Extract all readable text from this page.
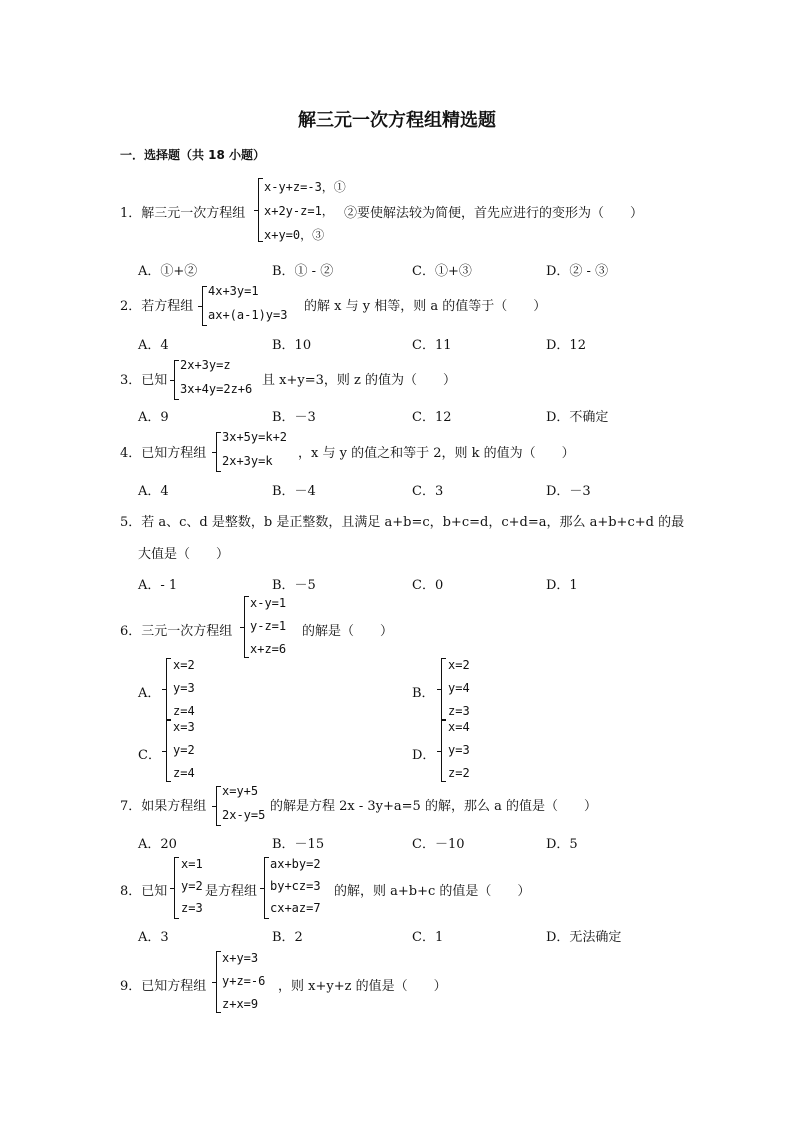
解三元一次方程组精选题
一．选择题（共 18 小题）
1．解三元一次方程组
x-y+z=-3，①
x+2y-z=1， ②要使解法较为简便，首先应进行的变形为（　　）
x+y=0，③
A．①+②	B．① - ②	C．①+③	D．② - ③
2．若方程组
4x+3y=1
ax+(a-1)y=3
的解 x 与 y 相等，则 a 的值等于（　　）
A．4	B．10	C．11	D．12
3．已知
2x+3y=z
3x+4y=2z+6
且 x+y=3，则 z 的值为（　　）
A．9	B．－3	C．12	D．不确定
4．已知方程组
3x+5y=k+2
2x+3y=k ，x 与 y 的值之和等于 2，则 k 的值为（　　）
A．4	B．－4	C．3	D．－3
5．若 a、c、d 是整数，b 是正整数，且满足 a+b=c，b+c=d，c+d=a，那么 a+b+c+d 的最
大值是（　　）
A．- 1	B．－5	C．0	D．1
6．三元一次方程组
x-y=1
y-z=1 的解是（　　）
x+z=6
A．
x=2
y=3
z=4
B．
x=2
y=4
z=3
C．
x=3
y=2
z=4
D．
x=4
y=3
z=2
7．如果方程组
x=y+5
2x-y=5
的解是方程 2x - 3y+a=5 的解，那么 a 的值是（　　）
A．20	B．－15	C．－10	D．5
8．已知
x=1
y=2 是方程组
z=3
ax+by=2
by+cz=3 的解，则 a+b+c 的值是（　　）
cx+az=7
A．3	B．2	C．1	D．无法确定
9．已知方程组
x+y=3
y+z=-6 ，则 x+y+z 的值是（　　）
z+x=9
